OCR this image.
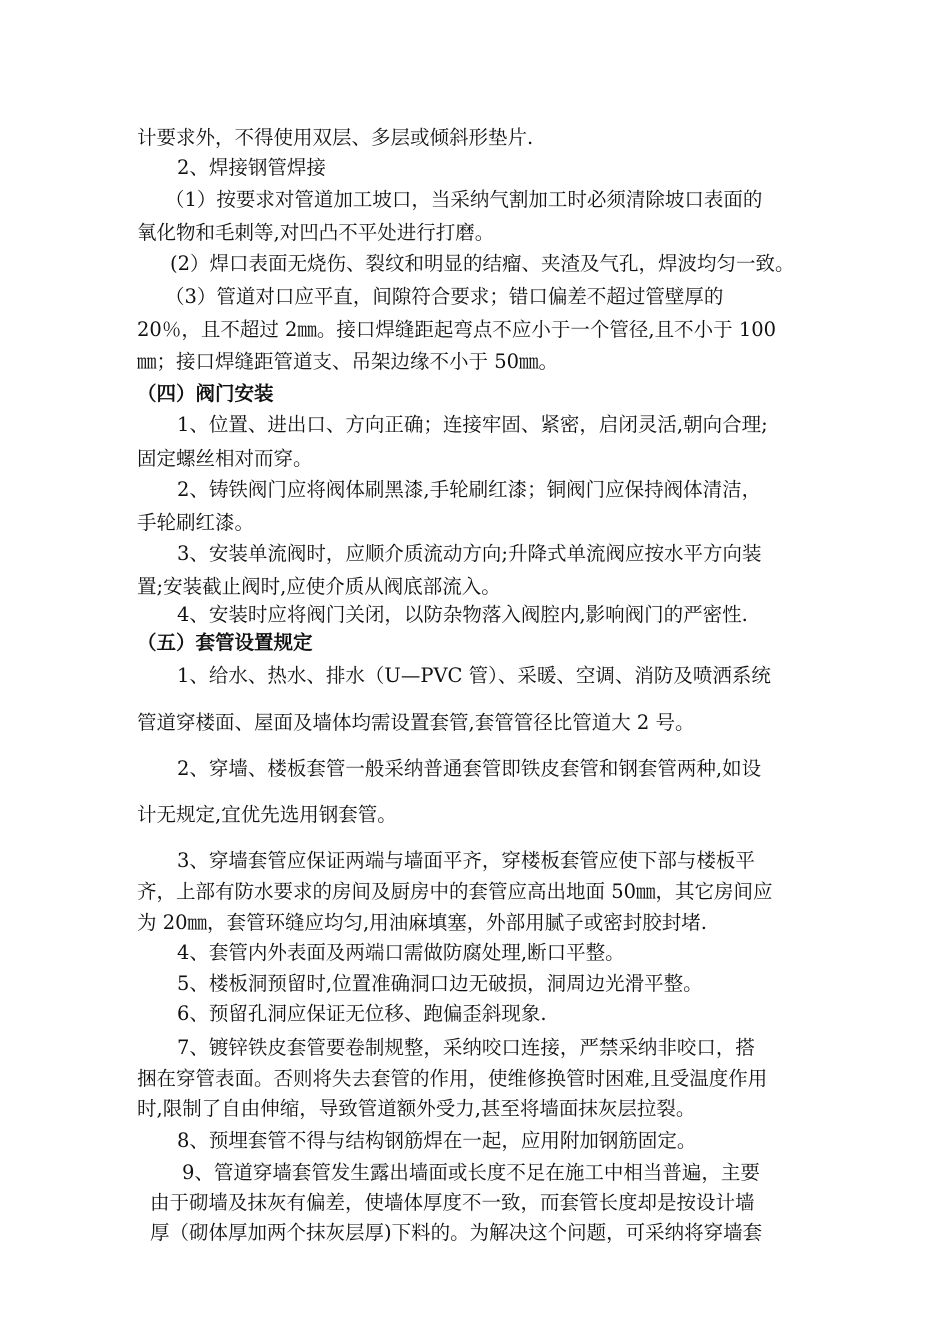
计要求外，不得使用双层、多层或倾斜形垫片.
2、焊接钢管焊接
（1）按要求对管道加工坡口，当采纳气割加工时必须清除坡口表面的
氧化物和毛刺等,对凹凸不平处进行打磨。
(2）焊口表面无烧伤、裂纹和明显的结瘤、夹渣及气孔，焊波均匀一致。
（3）管道对口应平直，间隙符合要求；错口偏差不超过管壁厚的
20％，且不超过 2㎜。接口焊缝距起弯点不应小于一个管径,且不小于 100
㎜；接口焊缝距管道支、吊架边缘不小于 50㎜。
（四）阀门安装
1、位置、进出口、方向正确；连接牢固、紧密，启闭灵活,朝向合理;
固定螺丝相对而穿。
2、铸铁阀门应将阀体刷黑漆,手轮刷红漆；铜阀门应保持阀体清洁，
手轮刷红漆。
3、安装单流阀时，应顺介质流动方向;升降式单流阀应按水平方向装
置;安装截止阀时,应使介质从阀底部流入。
4、安装时应将阀门关闭，以防杂物落入阀腔内,影响阀门的严密性.
（五）套管设置规定
1、给水、热水、排水（U—PVC 管）、采暖、空调、消防及喷洒系统
管道穿楼面、屋面及墙体均需设置套管,套管管径比管道大 2 号。
2、穿墙、楼板套管一般采纳普通套管即铁皮套管和钢套管两种,如设
计无规定,宜优先选用钢套管。
3、穿墙套管应保证两端与墙面平齐，穿楼板套管应使下部与楼板平
齐，上部有防水要求的房间及厨房中的套管应高出地面 50㎜，其它房间应
为 20㎜，套管环缝应均匀,用油麻填塞，外部用腻子或密封胶封堵.
4、套管内外表面及两端口需做防腐处理,断口平整。
5、楼板洞预留时,位置准确洞口边无破损，洞周边光滑平整。
6、预留孔洞应保证无位移、跑偏歪斜现象.
7、镀锌铁皮套管要卷制规整，采纳咬口连接，严禁采纳非咬口，搭
捆在穿管表面。否则将失去套管的作用，使维修换管时困难,且受温度作用
时,限制了自由伸缩，导致管道额外受力,甚至将墙面抹灰层拉裂。
8、预埋套管不得与结构钢筋焊在一起，应用附加钢筋固定。
9、管道穿墙套管发生露出墙面或长度不足在施工中相当普遍，主要
由于砌墙及抹灰有偏差，使墙体厚度不一致，而套管长度却是按设计墙
厚（砌体厚加两个抹灰层厚)下料的。为解决这个问题，可采纳将穿墙套
